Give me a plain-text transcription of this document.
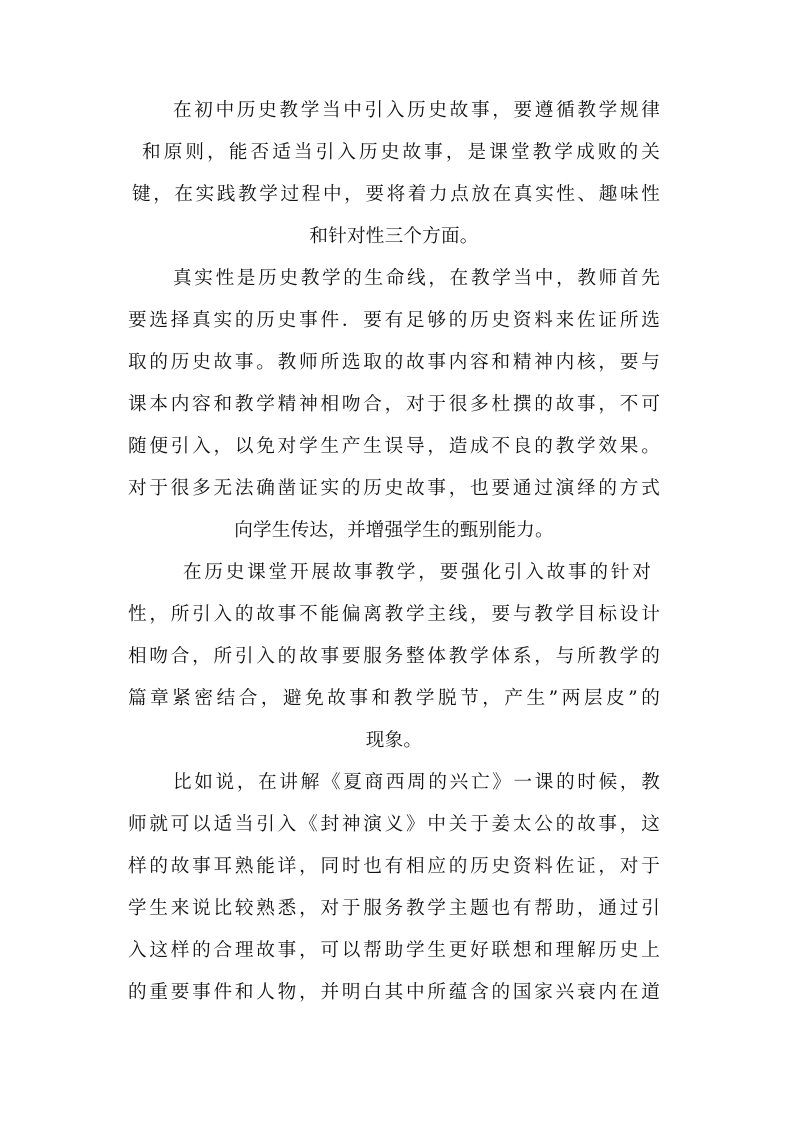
在初中历史教学当中引入历史故事，要遵循教学规律
和原则，能否适当引入历史故事，是课堂教学成败的关
键，在实践教学过程中，要将着力点放在真实性、趣味性
和针对性三个方面。
真实性是历史教学的生命线，在教学当中，教师首先
要选择真实的历史事件．要有足够的历史资料来佐证所选
取的历史故事。教师所选取的故事内容和精神内核，要与
课本内容和教学精神相吻合，对于很多杜撰的故事，不可
随便引入，以免对学生产生误导，造成不良的教学效果。
对于很多无法确凿证实的历史故事，也要通过演绎的方式
向学生传达，并增强学生的甄别能力。
在历史课堂开展故事教学，要强化引入故事的针对
性，所引入的故事不能偏离教学主线，要与教学目标设计
相吻合，所引入的故事要服务整体教学体系，与所教学的
篇章紧密结合，避免故事和教学脱节，产生”两层皮”的
现象。
比如说，在讲解《夏商西周的兴亡》一课的时候，教
师就可以适当引入《封神演义》中关于姜太公的故事，这
样的故事耳熟能详，同时也有相应的历史资料佐证，对于
学生来说比较熟悉，对于服务教学主题也有帮助，通过引
入这样的合理故事，可以帮助学生更好联想和理解历史上
的重要事件和人物，并明白其中所蕴含的国家兴衰内在道
